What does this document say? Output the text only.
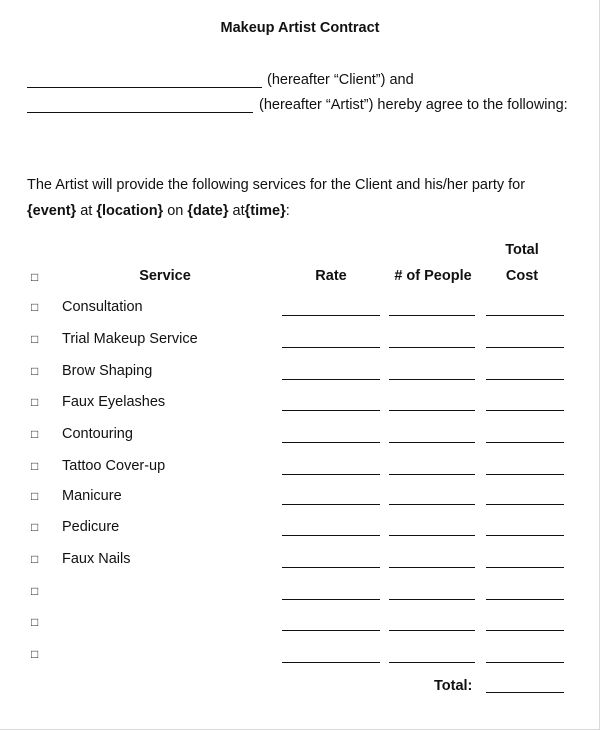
Makeup Artist Contract
(hereafter “Client”) and
(hereafter “Artist”) hereby agree to the following:
The Artist will provide the following services for the Client and his/her party for
{event} at {location} on {date} at{time}:
Total
□	Service	Rate	# of People	Cost
□ Consultation
□ Trial Makeup Service
□ Brow Shaping
□ Faux Eyelashes
□ Contouring
□ Tattoo Cover-up
□ Manicure
□ Pedicure
□ Faux Nails
□
□
□
Total:
